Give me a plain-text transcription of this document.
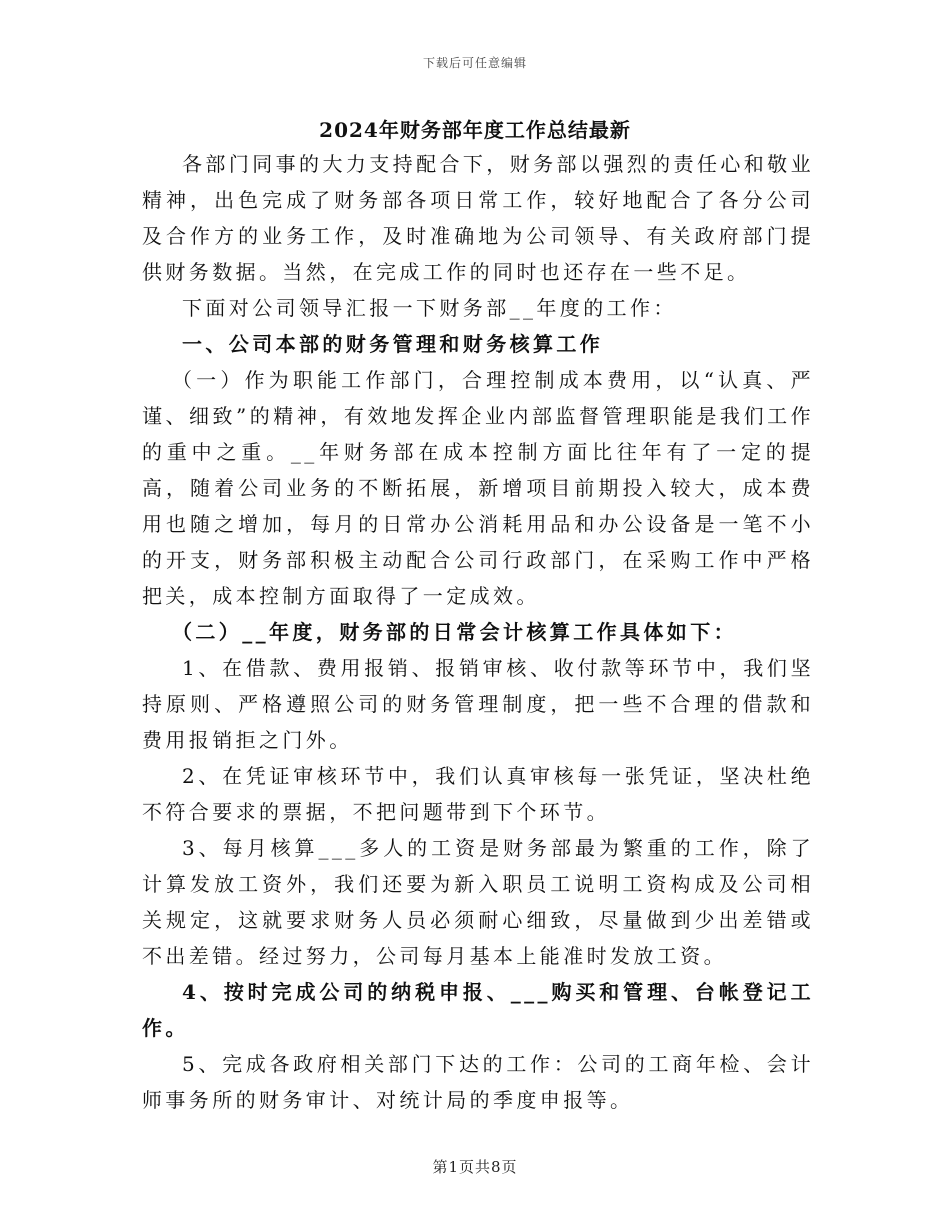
下载后可任意编辑
2024年财务部年度工作总结最新

各部门同事的大力支持配合下，财务部以强烈的责任心和敬业精神，出色完成了财务部各项日常工作，较好地配合了各分公司及合作方的业务工作，及时准确地为公司领导、有关政府部门提供财务数据。当然，在完成工作的同时也还存在一些不足。

下面对公司领导汇报一下财务部__年度的工作：

一、公司本部的财务管理和财务核算工作

（一）作为职能工作部门，合理控制成本费用，以“认真、严谨、细致”的精神，有效地发挥企业内部监督管理职能是我们工作的重中之重。__年财务部在成本控制方面比往年有了一定的提高，随着公司业务的不断拓展，新增项目前期投入较大，成本费用也随之增加，每月的日常办公消耗用品和办公设备是一笔不小的开支，财务部积极主动配合公司行政部门，在采购工作中严格把关，成本控制方面取得了一定成效。

（二）__年度，财务部的日常会计核算工作具体如下：

1、在借款、费用报销、报销审核、收付款等环节中，我们坚持原则、严格遵照公司的财务管理制度，把一些不合理的借款和费用报销拒之门外。

2、在凭证审核环节中，我们认真审核每一张凭证，坚决杜绝不符合要求的票据，不把问题带到下个环节。

3、每月核算___多人的工资是财务部最为繁重的工作，除了计算发放工资外，我们还要为新入职员工说明工资构成及公司相关规定，这就要求财务人员必须耐心细致，尽量做到少出差错或不出差错。经过努力，公司每月基本上能准时发放工资。

4、按时完成公司的纳税申报、___购买和管理、台帐登记工作。

5、完成各政府相关部门下达的工作：公司的工商年检、会计师事务所的财务审计、对统计局的季度申报等。

第1页共8页
